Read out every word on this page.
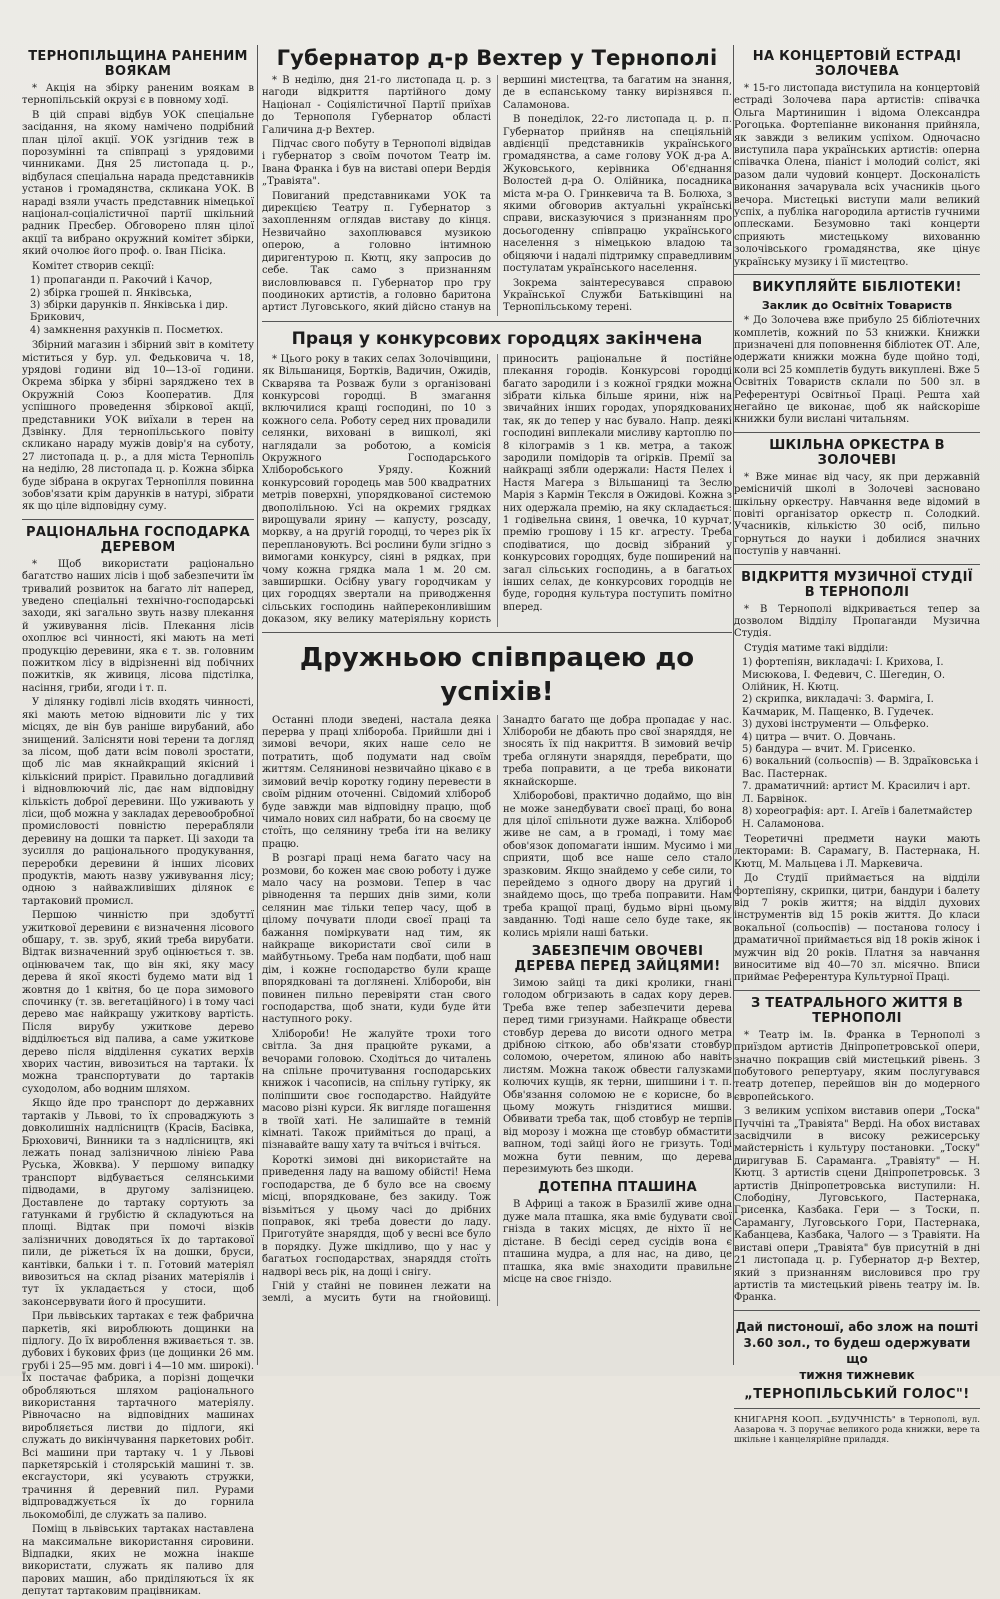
ТЕРНОПІЛЬЩИНА РАНЕНИМ ВОЯКАМ

* Акція на збірку раненим воякам в тернопільській окрузі є в повному ходї.

В цій справі відбув УОК спеціальне засідання, на якому намічено подрібний план цілої акції. УОК узгіднив теж в порозумінні та співпраці з урядовими чинниками. Дня 25 листопада ц. р., відбулася спеціальна нарада представників установ і громадянства, скликана УОК. В нараді взяли участь представник німецької націонал-соціалістичної партії шкільний радник Пресбер. Обговорено плян цілої акції та вибрано окружний комітет збірки, який очолює його проф. о. Іван Пісіка.

Комітет створив секції:

1) пропаганди п. Ракочий і Качор,
2) збірка грошей п. Янківська,
3) збірки дарунків п. Янківська і дир. Брикович,
4) замкнення рахунків п. Посметюх.

Збірний магазин і збірний звіт в комітету міститься у бур. ул. Федьковича ч. 18, урядові години від 10—13-ої години. Окрема збірка у збірні заряджено тех в Окружній Союз Кооператив. Для успішного проведення збіркової акції, представники УОК виїхали в терен на Дзвінку. Для тернопільського повіту скликано нараду мужів довір'я на суботу, 27 листопада ц. р., а для міста Тернопіль на неділю, 28 листопада ц. р. Кожна збірка буде зібрана в округах Тернопілля повинна зобов'язати крім дарунків в натурі, зібрати як що ціле відповідну суму.

РАЦІОНАЛЬНА ГОСПОДАРКА ДЕРЕВОМ

* Щоб використати раціонально багатство наших лісів і щоб забезпечити їм тривалий розвиток на багато літ наперед, уведено спеціальні технічно-господарські заходи, які загально звуть назву плекання й уживування лісів. Плекання лісів охоплює всі чинності, які мають на меті продукцію деревини, яка є т. зв. головним пожитком лісу в відрізненні від побічних пожитків, як живиця, лісова підстілка, насіння, гриби, ягоди і т. п.

У ділянку годівлі лісів входять чинності, які мають метою відновити ліс у тих місцях, де він був раніше вирубаний, або знищений. Залісняти нові терени та догляд за лісом, щоб дати всім поволі зростати, щоб ліс мав якнайкращий якісний і кількісний приріст. Правильно догадливий і відновлюючий ліс, дає нам відповідну кількість доброї деревини. Що уживають у ліси, щоб можна у закладах деревообробної промисловості повністю перерабляли деревину на дошки та паркет. Ці заходи та зусилля до раціонального продукування, переробки деревини й інших лісових продуктів, мають назву уживування лісу; одною з найважливіших ділянок є тартаковий промисл.

Першою чинністю при здобуттї ужиткової деревини є визначення лісового обшару, т. зв. зруб, який треба вирубати. Відтак визначенний зруб оцінюється т. зв. оцінювачем так, що він які, яку масу дерева й якої якості будемо мати від 1 жовтня до 1 квітня, бо це пора зимового спочинку (т. зв. вегетаційного) і в тому часі дерево має найкращу ужиткову вартість. Після вирубу ужиткове дерево відділюється від палива, а саме ужиткове дерево після відділення сукатих верхів хворих частин, вивозиться на тартаки. Їх можна транспортувати до тартаків суходолом, або водним шляхом.

Якщо йде про транспорт до державних тартаків у Львові, то їх спроваджують з довколишніх надлісництв (Красів, Басівка, Брюховичі, Винники та з надлісництв, які лежать понад залізничною лінією Рава Руська, Жовква). У першому випадку транспорт відбувається селянськими підводами, в другому залізницею. Доставлене до тартаку сортують за гатунками й грубістю й складуються на площі. Відтак при помочі візків залізничних доводяться їх до тартакової пили, де ріжеться їх на дошки, бруси, кантівки, бальки і т. п. Готовий матеріял вивозиться на склад різаних матеріялів і тут їх укладається у стоси, щоб законсервувати його й просушити.

При львівських тартаках є теж фабрична паркетів, які вироблюють дощинки на підлогу. До їх вироблення вживається т. зв. дубових і букових фриз (це дощинки 26 мм. грубі і 25—95 мм. довгі і 4—10 мм. широкі). Їх постачає фабрика, а порізні дощечки обробляються шляхом раціонального використання тартачного матеріялу. Рівночасно на відповідних машинах виробляється листви до підлоги, які служать до викінчування паркетових робіт. Всі машини при тартаку ч. 1 у Львові паркетярській і столярській машині т. зв. ексгаустори, які усувають стружки, трачиння й деревний пил. Рурами відпроваджується їх до горнила льокомобілі, де служать за паливо.

Поміщ в львівських тартаках наставлена на максимальне використання сировини. Відпадки, яких не можна інакше використати, служать як паливо для парових машин, або приділяються їх як депутат тартаковим працівникам.

Губернатор д-р Вехтер у Тернополі

* В неділю, дня 21-го листопада ц. р. з нагоди відкриття партійного дому Націонал - Соціялістичної Партії приїхав до Тернополя Губернатор області Галичина д-р Вехтер.

Підчас свого побуту в Тернополі відвідав і губернатор з своїм почотом Театр ім. Івана Франка і був на виставі опери Вердія „Травіята".

Повиганий представниками УОК та дирекцією Театру п. Губернатор з захопленням оглядав виставу до кінця. Незвичайно захоплювався музикою оперою, а головно інтимною диригентурою п. Кютц, яку запросив до себе. Так само з признанням висловлювався п. Губернатор про гру поодиноких артистів, а головно баритона артист Луговського, який дійсно станув на вершині мистецтва, та багатим на знання, де в еспанському танку вирізнявся п. Саламонова.

В понеділок, 22-го листопада ц. р. п. Губернатор прийняв на спеціяльній авдієнції представників українського громадянства, а саме голову УОК д-ра А. Жуковського, керівника Об'єднання Волостей д-ра О. Олійника, посадника міста м-ра О. Гринкевича та В. Болюха, з якими обговорив актуальні українські справи, висказуючися з признанням про досьогоденну співпрацю українського населення з німецькою владою та обіцяючи і надалі підтримку справедливим постулатам українського населення.

Зокрема заінтересувався справою Української Служби Батьківщині на Тернопільському терені.

Праця у конкурсових городцях закінчена

* Цього року в таких селах Золочівщини, як Вільшаниця, Бортків, Вадичин, Ожидів, Скварява та Розваж були з організовані конкурсові городці. В змагання включилися кращі господині, по 10 з кожного села. Роботу серед них провадили селянки, виховані в вишколі, які наглядали за роботою, а комісія Окружного Господарського Хліборобського Уряду. Кожний конкурсовий городець мав 500 квадратних метрів поверхні, упорядкованої системою двополільною. Усі на окремих грядках вирощували ярину — капусту, розсаду, моркву, а на другій городці, то через рік їх переплановують. Всі рослини були згідно з вимогами конкурсу, сіяні в рядках, при чому кожна грядка мала 1 м. 20 см. завширшки. Осібну увагу городчикам у цих городцях звертали на приводження сільських господинь найпереконливішим доказом, яку велику матеріяльну користь приносить раціональне й постійне плекання городів. Конкурсові городці багато зародили і з кожної грядки можна зібрати кілька більше ярини, ніж на звичайних інших городах, упорядкованих так, як до тепер у нас бувало. Напр. деякі господині виплекали мисливу картоплю по 8 кілограмів з 1 кв. метра, а також зародили помідорів та огірків. Премії за найкращі зябли одержали: Настя Пелех і Настя Магера з Вільшаниці та Зеслю Марія з Кармін Тексля в Ожидові. Кожна з них одержала премію, на яку складається: 1 годівельна свиня, 1 овечка, 10 курчат, премію грошову і 15 кг. агресту. Треба сподіватися, що досвід зібраний у конкурсових городцях, буде поширений на загал сільських господинь, а в багатьох інших селах, де конкурсових городців не буде, городня культура поступить помітно вперед.

Дружньою співпрацею до успіхів!

Останні плоди зведені, настала деяка перерва у праці хлібороба. Прийшли дні і зимові вечори, яких наше село не потратить, щоб подумати над своїм життям. Селянинові незвичайно цікаво є в зимовий вечір коротку годину перевести в своїм рідним оточенні. Свідомий хлібороб буде завжди мав відповідну працю, щоб чимало нових сил набрати, бо на своєму це стоїть, що селянину треба іти на велику працю.

В розгарі праці нема багато часу на розмови, бо кожен має свою роботу і дуже мало часу на розмови. Тепер в час рівнодення та перших днів зими, коли селянин має тільки тепер часу, щоб в цілому почувати плоди своєї праці та бажання поміркувати над тим, як найкраще використати свої сили в майбутньому. Треба нам подбати, щоб наш дім, і кожне господарство були краще впорядковані та доглянені. Хлібороби, він повинен пильно перевіряти стан свого господарства, щоб знати, куди буде йти наступного року.

Хлібороби! Не жалуйте трохи того світла. За дня працюйте руками, а вечорами головою. Сходіться до читалень на спільне прочитування господарських книжок і часописів, на спільну гутірку, як поліпшити своє господарство. Найдуйте масово різні курси. Як вигляде погашення в твоїй хаті. Не залишайте в темній кімнаті. Також прийміться до праці, а пізнавайте вашу хату та вчіться і вчіться.

Короткі зимові дні використайте на приведення ладу на вашому обійсті! Нема господарства, де б було все на своєму місці, впорядковане, без закиду. Тож візьміться у цьому часі до дрібних поправок, які треба довести до ладу. Приготуйте знаряддя, щоб у весні все було в порядку. Дуже шкідливо, що у нас у багатьох господарствах, знаряддя стоїть надворі весь рік, на дощі і снігу.

Гній у стайні не повинен лежати на землі, а мусить бути на гнойовищі. Занадто багато ще добра пропадає у нас. Хлібороби не дбають про свої знаряддя, не зносять їх під накриття. В зимовий вечір треба оглянути знаряддя, перебрати, що треба поправити, а це треба виконати якнайскорше.

Хліборобові, практично додаймо, що він не може занедбувати своєї праці, бо вона для цілої спільноти дуже важна. Хлібороб живе не сам, а в громаді, і тому має обов'язок допомагати іншим. Мусимо і ми сприяти, щоб все наше село стало зразковим. Якщо знайдемо у себе сили, то перейдемо з одного двору на другий і знайдемо щось, що треба поправити. Нам треба кращої праці, будьмо вірні цьому завданню. Тоді наше село буде таке, як колись мріяли наші батьки.

ЗАБЕЗПЕЧІМ ОВОЧЕВІ ДЕРЕВА ПЕРЕД ЗАЙЦЯМИ!

Зимою зайці та дикі кролики, гнані голодом обгризають в садах кору дерев. Треба вже тепер забезпечити дерева перед тими гризунами. Найкраще обвести стовбур дерева до висоти одного метра дрібною сіткою, або обв'язати стовбур соломою, очеретом, ялиною або навіть листям. Можна також обвести галузками колючих кущів, як терни, шипшини і т. п. Обв'язання соломою не є корисне, бо в цьому можуть гніздитися мишви. Обвивати треба так, щоб стовбур не терпів від морозу і можна ще стовбур обмастити вапном, тоді зайці його не гризуть. Тоді можна бути певним, що дерева перезимують без шкоди.

ДОТЕПНА ПТАШИНА

В Африці а також в Бразилії живе одна дуже мала пташка, яка вміє будувати свої гнізда в таких місцях, де ніхто її не дістане. В бесіді серед сусідів вона є пташина мудра, а для нас, на диво, це пташка, яка вміє знаходити правильне місце на своє гніздо.

НА КОНЦЕРТОВІЙ ЕСТРАДІ ЗОЛОЧЕВА

* 15-го листопада виступила на концертовій естраді Золочева пара артистів: співачка Ольга Мартинишин і відома Олександра Рогоцька. Фортепіанне виконання прийняла, як завжди з великим успіхом. Одночасно виступила пара українських артистів: оперна співачка Олена, піаніст і молодий соліст, які разом дали чудовий концерт. Досконалість виконання зачарувала всіх учасників цього вечора. Мистецькі виступи мали великий успіх, а публіка нагородила артистів гучними оплесками. Безумовно такі концерти сприяють мистецькому вихованню золочівського громадянства, яке цінує українську музику і її мистецтво.

ВИКУПЛЯЙТЕ БІБЛІОТЕКИ!
Заклик до Освітніх Товариств

* До Золочева вже прибуло 25 бібліотечних комплетів, кожний по 53 книжки. Книжки призначені для поповнення бібліотек ОТ. Але, одержати книжки можна буде щойно тоді, коли всі 25 комплетів будуть викуплені. Вже 5 Освітніх Товариств склали по 500 зл. в Референтурі Освітньої Праці. Решта хай негайно це виконає, щоб як найскоріше книжки були вислані читальням.

ШКІЛЬНА ОРКЕСТРА В ЗОЛОЧЕВІ

* Вже минає від часу, як при державній ремісничій школі в Золочеві засновано шкільну оркестру. Навчання веде відомий в повіті організатор оркестр п. Солодкий. Учасників, кількістю 30 осіб, пильно горнуться до науки і добилися значних поступів у навчанні.

ВІДКРИТТЯ МУЗИЧНОЇ СТУДІЇ В ТЕРНОПОЛІ

* В Тернополі відкривається тепер за дозволом Відділу Пропаганди Музична Студія.

Студія матиме такі відділи:

1) фортепіян, викладачі: І. Крихова, І. Мисюкова, І. Федевич, С. Шегедин, О. Олійник, Н. Кютц.
2) скрипка, викладачі: З. Фарміга, І. Качмарик, М. Пащенко, В. Гудечек.
3) духові інструменти — Ольферко.
4) цитра — вчит. О. Довчань.
5) бандура — вчит. М. Грисенко.
6) вокальний (сольоспів) — В. Здраїковська і Вас. Пастернак.
7. драматичний: артист М. Красилич і арт. Л. Барвінок.
8) хореографія: арт. І. Агеїв і балетмайстер Н. Саламонова.

Теоретичні предмети науки мають лекторами: В. Сарамагу, В. Пастернака, Н. Кютц, М. Мальцева і Л. Маркевича.

До Студії приймається на відділи фортепіяну, скрипки, цитри, бандури і балету від 7 років життя; на відділ духових інструментів від 15 років життя. До класи вокальної (сольоспів) — постанова голосу і драматичної приймається від 18 років жінок і мужчин від 20 років. Платня за навчання виноситиме від 40—70 зл. місячно. Вписи приймає Референтура Культурної Праці.

З ТЕАТРАЛЬНОГО ЖИТТЯ В ТЕРНОПОЛІ

* Театр ім. Ів. Франка в Тернополі з приїздом артистів Дніпропетровської опери, значно покращив свій мистецький рівень. З побутового репертуару, яким послугувався театр дотепер, перейшов він до модерного європейського.

З великим успіхом виставив опери „Тоска" Пуччіні та „Травіята" Верді. На обох виставах засвідчили в високу режисерську майстерність і культуру постановки. „Тоску" диригував Б. Сараманга. „Травіяту" — Н. Кютц. З артистів сцени Дніпропетровськ. З артистів Дніпропетровська виступили: Н. Слободіну, Луговського, Пастернака, Грисенка, Казбака. Гери — з Тоски, п. Сарамангу, Луговського Гори, Пастернака, Кабанцева, Казбака, Чалого — з Травіяти. На виставі опери „Травіята" був присутній в дні 21 листопада ц. р. Губернатор д-р Вехтер, який з признанням висловився про гру артистів та мистецький рівень театру ім. Ів. Франка.

Дай пистоношї, або злож на пошті
3.60 зол., то будеш одержувати що
тижня тижневик
„ТЕРНОПІЛЬСЬКИЙ ГОЛОС"!
КНИГАРНЯ КООП. „БУДУЧНІСТЬ" в Тернополі, вул. Аазарова ч. 3 поручає великого рода книжки, вере та шкільне і канцелярійне приладдя.
